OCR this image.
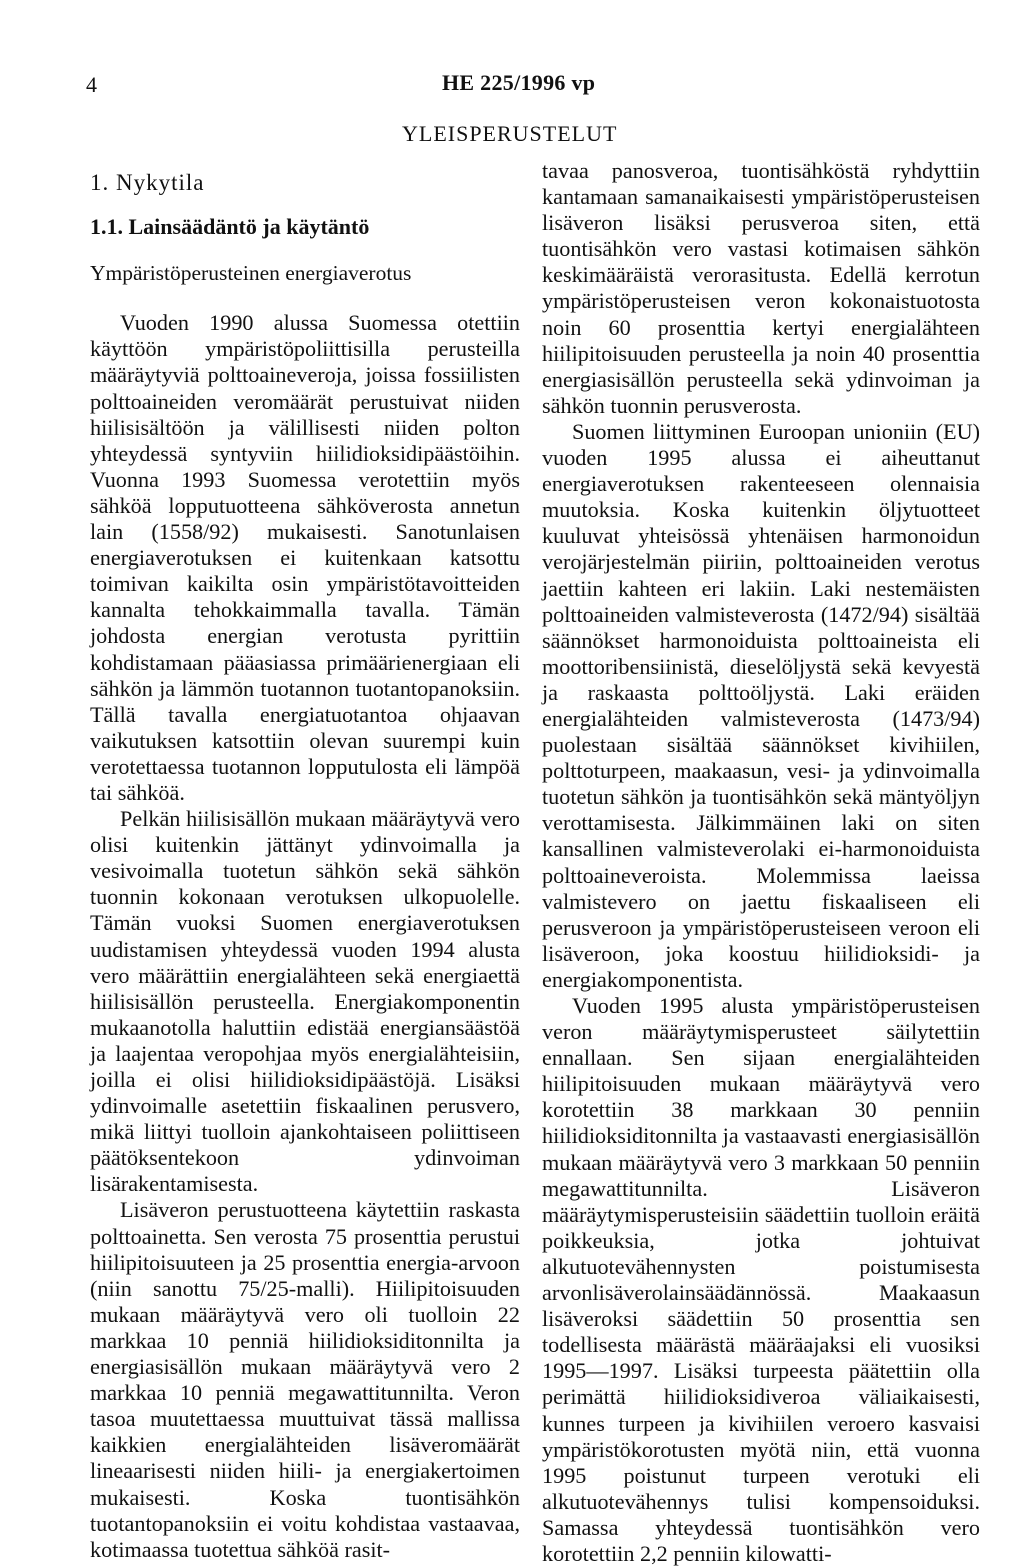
4	HE 225/1996 vp
YLEISPERUSTELUT
1. Nykytila
1.1. Lainsäädäntö ja käytäntö
Ympäristöperusteinen energiaverotus

Vuoden 1990 alussa Suomessa otettiin käyttöön ympäristöpoliittisilla perusteilla määräytyviä polttoaineveroja, joissa fossiilisten polttoaineiden veromäärät perustuivat niiden hiilisisältöön ja välillisesti niiden polton yhteydessä syntyviin hiilidioksidipäästöihin. Vuonna 1993 Suomessa verotettiin myös sähköä lopputuotteena sähköverosta annetun lain (1558/92) mukaisesti. Sanotunlaisen energiaverotuksen ei kuitenkaan katsottu toimivan kaikilta osin ympäristötavoitteiden kannalta tehokkaimmalla tavalla. Tämän johdosta energian verotusta pyrittiin kohdistamaan pääasiassa primäärienergiaan eli sähkön ja lämmön tuotannon tuotantopanoksiin. Tällä tavalla energiatuotantoa ohjaavan vaikutuksen katsottiin olevan suurempi kuin verotettaessa tuotannon lopputulosta eli lämpöä tai sähköä.

Pelkän hiilisisällön mukaan määräytyvä vero olisi kuitenkin jättänyt ydinvoimalla ja vesivoimalla tuotetun sähkön sekä sähkön tuonnin kokonaan verotuksen ulkopuolelle. Tämän vuoksi Suomen energiaverotuksen uudistamisen yhteydessä vuoden 1994 alusta vero määrättiin energialähteen sekä energiaettä hiilisisällön perusteella. Energiakomponentin mukaanotolla haluttiin edistää energiansäästöä ja laajentaa veropohjaa myös energialähteisiin, joilla ei olisi hiilidioksidipäästöjä. Lisäksi ydinvoimalle asetettiin fiskaalinen perusvero, mikä liittyi tuolloin ajankohtaiseen poliittiseen päätöksentekoon ydinvoiman lisärakentamisesta.

Lisäveron perustuotteena käytettiin raskasta polttoainetta. Sen verosta 75 prosenttia perustui hiilipitoisuuteen ja 25 prosenttia energia-arvoon (niin sanottu 75/25-malli). Hiilipitoisuuden mukaan määräytyvä vero oli tuolloin 22 markkaa 10 penniä hiilidioksiditonnilta ja energiasisällön mukaan määräytyvä vero 2 markkaa 10 penniä megawattitunnilta. Veron tasoa muutettaessa muuttuivat tässä mallissa kaikkien energialähteiden lisäveromäärät lineaarisesti niiden hiili- ja energiakertoimen mukaisesti. Koska tuontisähkön tuotantopanoksiin ei voitu kohdistaa vastaavaa, kotimaassa tuotettua sähköä rasit-

tavaa panosveroa, tuontisähköstä ryhdyttiin kantamaan samanaikaisesti ympäristöperusteisen lisäveron lisäksi perusveroa siten, että tuontisähkön vero vastasi kotimaisen sähkön keskimääräistä verorasitusta. Edellä kerrotun ympäristöperusteisen veron kokonaistuotosta noin 60 prosenttia kertyi energialähteen hiilipitoisuuden perusteella ja noin 40 prosenttia energiasisällön perusteella sekä ydinvoiman ja sähkön tuonnin perusverosta.

Suomen liittyminen Euroopan unioniin (EU) vuoden 1995 alussa ei aiheuttanut energiaverotuksen rakenteeseen olennaisia muutoksia. Koska kuitenkin öljytuotteet kuuluvat yhteisössä yhtenäisen harmonoidun verojärjestelmän piiriin, polttoaineiden verotus jaettiin kahteen eri lakiin. Laki nestemäisten polttoaineiden valmisteverosta (1472/94) sisältää säännökset harmonoiduista polttoaineista eli moottoribensiinistä, dieselöljystä sekä kevyestä ja raskaasta polttoöljystä. Laki eräiden energialähteiden valmisteverosta (1473/94) puolestaan sisältää säännökset kivihiilen, polttoturpeen, maakaasun, vesi- ja ydinvoimalla tuotetun sähkön ja tuontisähkön sekä mäntyöljyn verottamisesta. Jälkimmäinen laki on siten kansallinen valmisteverolaki ei-harmonoiduista polttoaineveroista. Molemmissa laeissa valmistevero on jaettu fiskaaliseen eli perusveroon ja ympäristöperusteiseen veroon eli lisäveroon, joka koostuu hiilidioksidi- ja energiakomponentista.

Vuoden 1995 alusta ympäristöperusteisen veron määräytymisperusteet säilytettiin ennallaan. Sen sijaan energialähteiden hiilipitoisuuden mukaan määräytyvä vero korotettiin 38 markkaan 30 penniin hiilidioksiditonnilta ja vastaavasti energiasisällön mukaan määräytyvä vero 3 markkaan 50 penniin megawattitunnilta. Lisäveron määräytymisperusteisiin säädettiin tuolloin eräitä poikkeuksia, jotka johtuivat alkutuotevähennysten poistumisesta arvonlisäverolainsäädännössä. Maakaasun lisäveroksi säädettiin 50 prosenttia sen todellisesta määrästä määräajaksi eli vuosiksi 1995—1997. Lisäksi turpeesta päätettiin olla perimättä hiilidioksidiveroa väliaikaisesti, kunnes turpeen ja kivihiilen veroero kasvaisi ympäristökorotusten myötä niin, että vuonna 1995 poistunut turpeen verotuki eli alkutuotevähennys tulisi kompensoiduksi. Samassa yhteydessä tuontisähkön vero korotettiin 2,2 penniin kilowatti-
